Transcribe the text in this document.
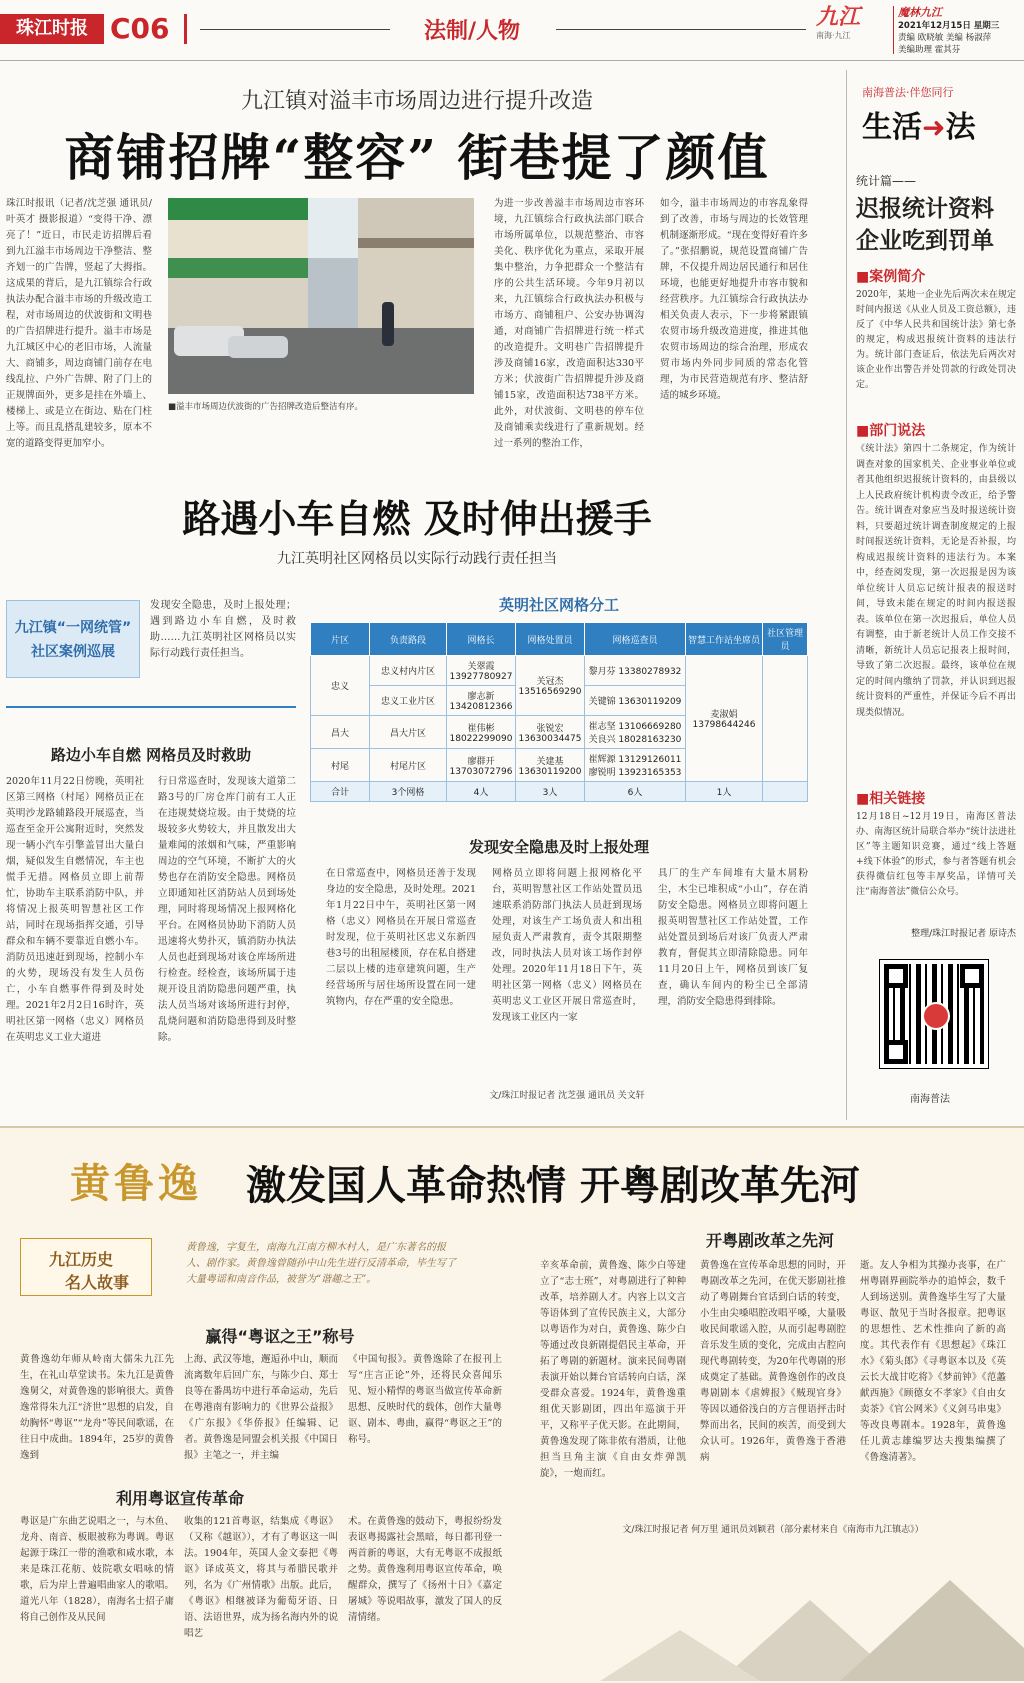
珠江时报 C06	法制/人物
九江
南海·九江
魔林九江
2021年12月15日 星期三
责编 欧晓敏 美编 杨淑萍
美编助理 霍其芬
九江镇对溢丰市场周边进行提升改造
商铺招牌“整容” 街巷提了颜值
珠江时报讯（记者/沈芝强 通讯员/叶英才 摄影报道）“变得干净、漂亮了！”近日，市民走访招牌后看到九江溢丰市场周边干净整洁、整齐划一的广告牌，竖起了大拇指。这成果的背后，是九江镇综合行政执法办配合溢丰市场的升级改造工程，对市场周边的伏波街和文明巷的广告招牌进行提升。溢丰市场是九江城区中心的老旧市场，人流量大、商铺多，周边商铺门前存在电线乱拉、户外广告牌、附了门上的正规牌面外，更多是挂在外墙上、楼梯上、或是立在街边、贴在门柱上等。而且乱搭乱建较多，原本不宽的道路变得更加窄小。
■溢丰市场周边伏波街的广告招牌改造后整洁有序。
为进一步改善溢丰市场周边市容环境，九江镇综合行政执法部门联合市场所属单位，以规范整治、市容美化、秩序优化为重点，采取开展集中整治，力争把群众一个整洁有序的公共生活环境。今年9月初以来，九江镇综合行政执法办积极与市场方、商铺租户、公安办协调沟通，对商铺广告招牌进行统一样式的改造提升。文明巷广告招牌提升涉及商铺16家，改造面积达330平方米；伏波街广告招牌提升涉及商铺15家，改造面积达738平方米。此外，对伏波街、文明巷的停车位及商铺乘卖线进行了重新规划。经过一系列的整治工作，
如今，溢丰市场周边的市容乱象得到了改善，市场与周边的长效管理机制逐渐形成。“现在变得好看许多了。”张招鹏说，规范设置商铺广告牌，不仅提升周边居民通行和居住环境，也能更好地提升市容市貌和经营秩序。九江镇综合行政执法办相关负责人表示，下一步将紧跟镇农贸市场升级改造进度，推进其他农贸市场周边的综合治理，形成农贸市场内外同步同质的常态化管理，为市民营造规范有序、整洁舒适的城乡环境。
路遇小车自燃 及时伸出援手
九江英明社区网格员以实际行动践行责任担当
九江镇“一网统管”
社区案例巡展
发现安全隐患，及时上报处理；遇到路边小车自燃，及时救助……九江英明社区网格员以实际行动践行责任担当。
路边小车自燃 网格员及时救助
2020年11月22日傍晚，英明社区第三网格（村尾）网格员正在英明沙龙路辅路段开展巡查，当巡查至金开公寓附近时，突然发现一辆小汽车引擎盖冒出大量白烟，疑似发生自燃情况，车主也慌手无措。网格员立即上前帮忙，协助车主联系消防中队，并将情况上报英明智慧社区工作站，同时在现场指挥交通，引导群众和车辆不要靠近自燃小车。消防员迅速赶到现场，控制小车的火势，现场没有发生人员伤亡，小车自燃事件得到及时处理。2021年2月2日16时许，英明社区第一网格（忠义）网格员在英明忠义工业大道进
行日常巡查时，发现该大道第二路3号的厂房仓库门前有工人正在违规焚烧垃圾。由于焚烧的垃圾较多火势较大，并且散发出大量难闻的浓烟和气味，严重影响周边的空气环境，不断扩大的火势也存在消防安全隐患。网格员立即通知社区消防站人员到场处理，同时将现场情况上报网格化平台。在网格员协助下消防人员迅速将火势扑灭，镇消防办执法人员也赶到现场对该仓库场所进行检查。经检查，该场所属于违规开设且消防隐患问题严重，执法人员当场对该场所进行封停，乱烧问题和消防隐患得到及时整除。
英明社区网格分工
片区	负责路段	网格长	网格处置员	网格巡查员	智慧工作站坐席员	社区管理员
忠义	忠义村内片区	关翠霞 13927780927	关冠杰 13516569290	黎月芬 13380278932	麦淑娟 13798644246	
	忠义工业片区	廖志新 13420812366		关键锦 13630119209		
昌大	昌大片区	崔伟彬 18022299090	张锐宏 13630034475	崔志坚 13106669280 关良兴 18028163230		
村尾	村尾片区	廖群开 13703072796	关建基 13630119200	崔辉源 13129126011 廖锐明 13923165353		
合计	3个网格	4人	3人	6人	1人	
发现安全隐患及时上报处理
在日常巡查中，网格员还善于发现身边的安全隐患，及时处理。2021年1月22日中午，英明社区第一网格（忠义）网格员在开展日常巡查时发现，位于英明社区忠义东新四巷3号的出租屋楼顶，存在私自搭建二层以上楼的违章建筑问题，生产经营场所与居住场所设置在同一建筑物内，存在严重的安全隐患。
网格员立即将问题上报网格化平台，英明智慧社区工作站处置员迅速联系消防部门执法人员赶到现场处理，对该生产工场负责人和出租屋负责人严肃教育，责令其限期整改，同时执法人员对该工场作封停处理。2020年11月18日下午，英明社区第一网格（忠义）网格员在英明忠义工业区开展日常巡查时，发现该工业区内一家
具厂的生产车间堆有大量木屑粉尘，木尘已堆积成“小山”，存在消防安全隐患。网格员立即将问题上报英明智慧社区工作站处置，工作站处置员到场后对该厂负责人严肃教育，督促其立即清除隐患。同年11月20日上午，网格员到该厂复查，确认车间内的粉尘已全部清理，消防安全隐患得到排除。
文/珠江时报记者 沈芝强 通讯员 关文轩
南海普法·伴您同行
生活➜法
统计篇——
迟报统计资料
企业吃到罚单
■案例简介
2020年，某地一企业先后两次未在规定时间内报送《从业人员及工资总额》，违反了《中华人民共和国统计法》第七条的规定，构成迟报统计资料的违法行为。统计部门查证后，依法先后两次对该企业作出警告并处罚款的行政处罚决定。
■部门说法
《统计法》第四十二条规定，作为统计调查对象的国家机关、企业事业单位或者其他组织迟报统计资料的，由县级以上人民政府统计机构责令改正，给予警告。统计调查对象应当及时报送统计资料，只要超过统计调查制度规定的上报时间报送统计资料，无论是否补报，均构成迟报统计资料的违法行为。本案中，经查阅发现，第一次迟报是因为该单位统计人员忘记统计报表的报送时间，导致未能在规定的时间内报送报表。该单位在第一次迟报后，单位人员有调整，由于新老统计人员工作交接不清晰，新统计人员忘记报表上报时间，导致了第二次迟报。最终，该单位在规定的时间内缴纳了罚款，并认识到迟报统计资料的严重性，并保证今后不再出现类似情况。
■相关链接
12月18日~12月19日，南海区普法办、南海区统计局联合举办“统计法进社区”等主题知识竞赛，通过“线上答题+线下体验”的形式，参与者答题有机会获得微信红包等丰厚奖品，详情可关注“南海普法”微信公众号。
整理/珠江时报记者 原诗杰
南海普法
黄鲁逸 激发国人革命热情 开粤剧改革先河
九江历史
名人故事
黄鲁逸，字复生，南海九江南方柳木村人，是广东著名的报人、剧作家。黄鲁逸曾随孙中山先生进行反清革命，毕生写了大量粤谣和南音作品，被誉为“谐趣之王”。
赢得“粤讴之王”称号
黄鲁逸幼年师从岭南大儒朱九江先生，在礼山草堂读书。朱九江是黄鲁逸舅父，对黄鲁逸的影响很大。黄鲁逸常得朱九江“济世”思想的启发，自幼胸怀“粤讴”“龙舟”等民间歌谣，在往日中成曲。1894年，25岁的黄鲁逸到
上海、武汉等地，邂逅孙中山，顺而流离数年后回广东，与陈少白、郑士良等在番禺坊中进行革命运动，先后在粤港南有影响力的《世界公益报》《广东报》《华侨报》任编辑、记者。黄鲁逸是同盟会机关报《中国日报》主笔之一，并主编
《中国旬报》。黄鲁逸除了在报刊上写“庄言正论”外，还将民众喜闻乐见、短小精悍的粤讴当做宣传革命新思想、反映时代的载体，创作大量粤讴、剧本、粤曲，赢得“粤讴之王”的称号。
利用粤讴宣传革命
粤讴是广东曲艺说唱之一，与木鱼、龙舟、南音、板眼被称为粤调。粤讴起源于珠江一带的渔歌和咸水歌，本来是珠江花舫、妓院歌女唱咏的情歌，后为岸上普遍唱曲家人的歌唱。道光八年（1828），南海名士招子庸将自己创作及从民间
收集的121首粤讴，结集成《粤讴》（又称《越讴》），才有了粤讴这一叫法。1904年，英国人金文泰把《粤讴》译成英文，将其与希腊民歌并列，名为《广州情歌》出版。此后，《粤讴》相继被译为葡萄牙语、日语、法语世界，成为扬名海内外的说唱艺
术。在黄鲁逸的鼓动下，粤报纷纷发表讴粤揭露社会黑暗，每日都刊登一两首新的粤讴，大有无粤讴不成报纸之势。黄鲁逸利用粤讴宣传革命，唤醒群众，撰写了《扬州十日》《嘉定屠城》等说唱故事，激发了国人的反清情绪。
开粤剧改革之先河
辛亥革命前，黄鲁逸、陈少白等建立了“志士班”，对粤剧进行了种种改革，培养剧人才。内容上以文言等语体到了宣传民族主义，大部分以粤语作为对白，黄鲁逸、陈少白等通过改良新剧提倡民主革命，开拓了粤剧的新题材。演来民间粤剧表演开始以舞台官话转向白话，深受群众喜爱。1924年，黄鲁逸重组优天影剧团，四出年巡演于开平，又称平子优天影。在此期间，黄鲁逸发现了陈非侬有潜质，让他担当旦角主演《自由女炸弹凯旋》，一炮而红。
黄鲁逸在宣传革命思想的同时，开粤剧改革之先河，在优天影剧社推动了粤剧舞台官话到白话的转变，小生由尖嗓唱腔改唱平嗓，大量吸收民间歌谣入腔，从而引起粤剧腔音乐发生质的变化，完成由古腔向现代粤剧转变，为20年代粤剧的形成奠定了基础。黄鲁逸创作的改良粤剧剧本《虐婢报》《贼现官身》等因以通俗浅白的方言俚语抨击时弊而出名，民间的疾苦，而受到大众认可。1926年，黄鲁逸于香港病
逝。友人争相为其操办丧事，在广州粤剧界画院举办的追悼会，数千人到场送别。黄鲁逸毕生写了大量粤讴、散见于当时各报章。把粤讴的思想性、艺术性推向了新的高度。其代表作有《思想起》《珠江水》《菊头郎》《寻粤讴本以及《英云长大战甘吃将》《梦前钟》《范蠡献西施》《顾德女不孝家》《自由女卖茶》《官公网米》《义剑马串鬼》等改良粤剧本。1928年，黄鲁逸任儿黄志雄编罗达夫搜集编撰了《鲁逸清著》。
文/珠江时报记者 何万里 通讯员刘颖君（部分素材来自《南海市九江镇志》）
